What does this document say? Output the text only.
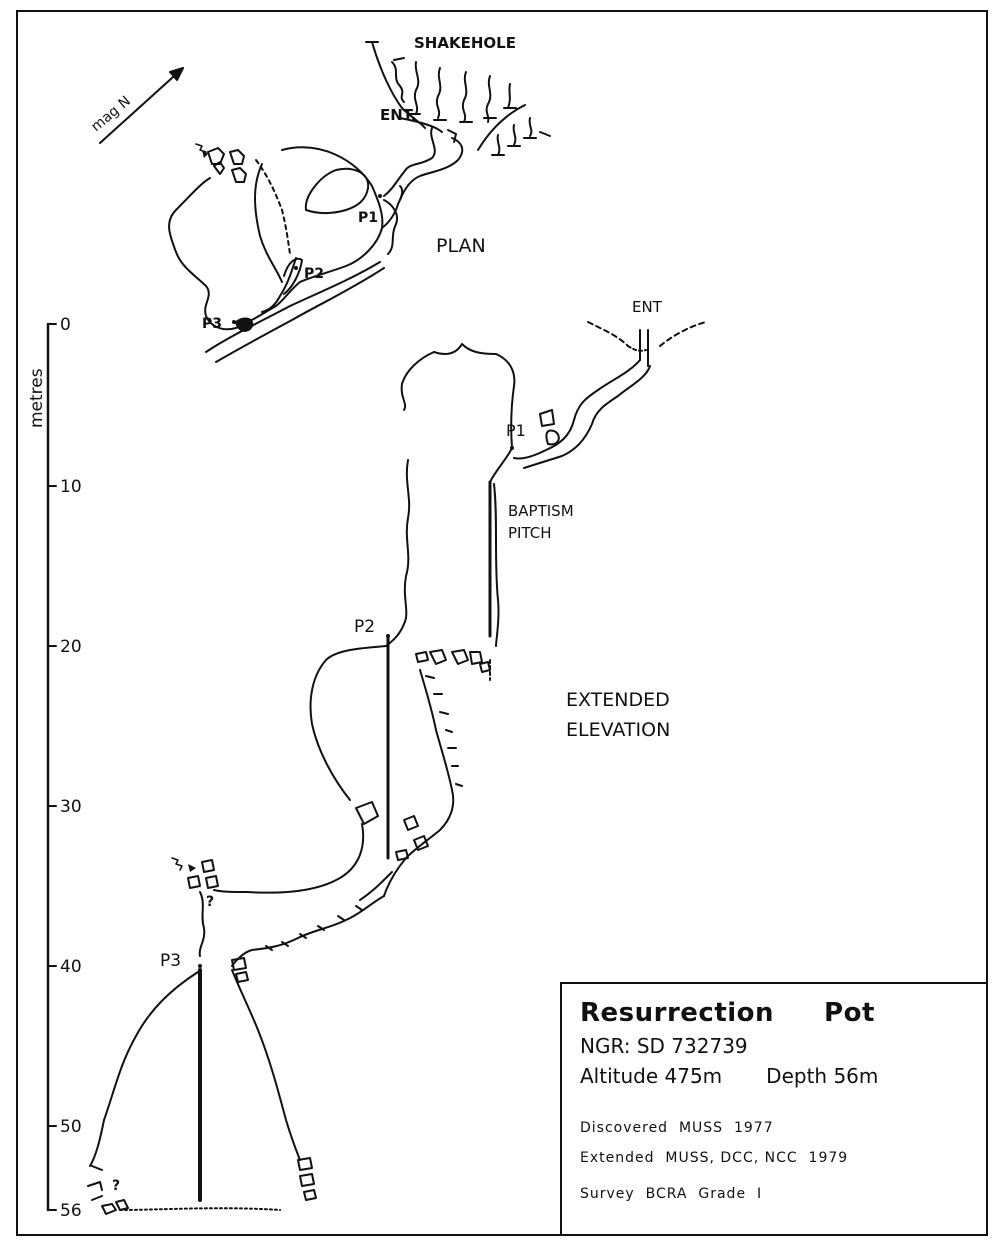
mag N
SHAKEHOLE
ENT.
P1
P2
P3
PLAN
metres
0
10
20
30
40
50
56
?
?
ENT
P1
P2
P3
BAPTISM
PITCH
EXTENDED
ELEVATION
Resurrection Pot
NGR: SD 732739
Altitude 475m Depth 56m
Discovered  MUSS  1977
Extended  MUSS, DCC, NCC  1979
Survey  BCRA  Grade  I
